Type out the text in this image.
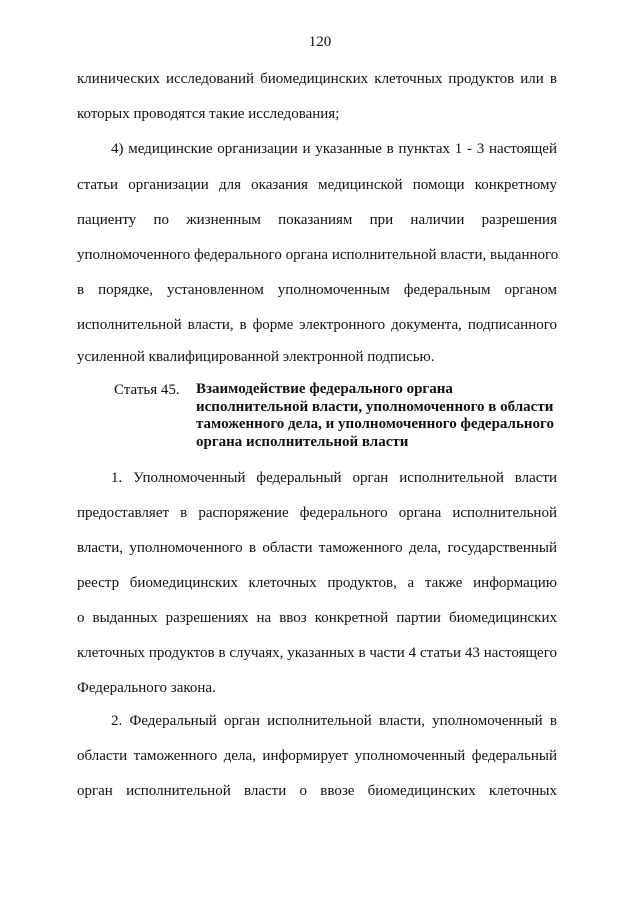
120
клинических исследований биомедицинских клеточных продуктов или в
которых проводятся такие исследования;
4) медицинские организации и указанные в пунктах 1 - 3 настоящей
статьи организации для оказания медицинской помощи конкретному
пациенту по жизненным показаниям при наличии разрешения
уполномоченного федерального органа исполнительной власти, выданного
в порядке, установленном уполномоченным федеральным органом
исполнительной власти, в форме электронного документа, подписанного
усиленной квалифицированной электронной подписью.
Статья 45. Взаимодействие федерального органа
исполнительной власти, уполномоченного в области
таможенного дела, и уполномоченного федерального
органа исполнительной власти
1. Уполномоченный федеральный орган исполнительной власти
предоставляет в распоряжение федерального органа исполнительной
власти, уполномоченного в области таможенного дела, государственный
реестр биомедицинских клеточных продуктов, а также информацию
о выданных разрешениях на ввоз конкретной партии биомедицинских
клеточных продуктов в случаях, указанных в части 4 статьи 43 настоящего
Федерального закона.
2. Федеральный орган исполнительной власти, уполномоченный в
области таможенного дела, информирует уполномоченный федеральный
орган исполнительной власти о ввозе биомедицинских клеточных
